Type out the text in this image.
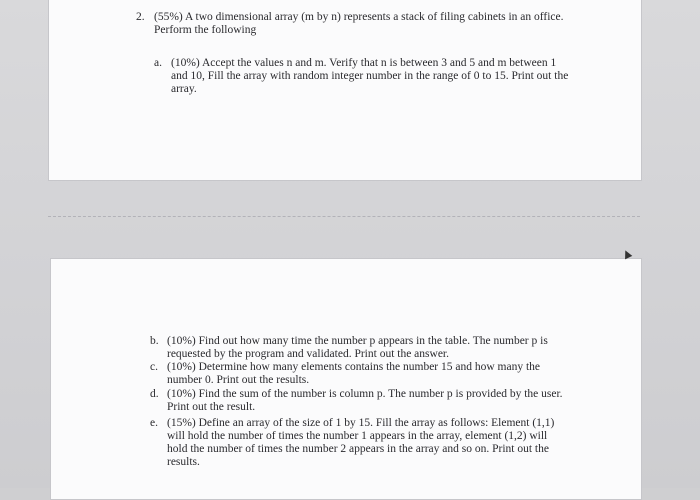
2. (55%) A two dimensional array (m by n) represents a stack of filing cabinets in an office.
Perform the following
a. (10%) Accept the values n and m. Verify that n is between 3 and 5 and m between 1
and 10, Fill the array with random integer number in the range of 0 to 15. Print out the
array.
b. (10%) Find out how many time the number p appears in the table. The number p is
requested by the program and validated. Print out the answer.
c. (10%) Determine how many elements contains the number 15 and how many the
number 0. Print out the results.
d. (10%) Find the sum of the number is column p. The number p is provided by the user.
Print out the result.
e. (15%) Define an array of the size of 1 by 15. Fill the array as follows: Element (1,1)
will hold the number of times the number 1 appears in the array, element (1,2) will
hold the number of times the number 2 appears in the array and so on. Print out the
results.
